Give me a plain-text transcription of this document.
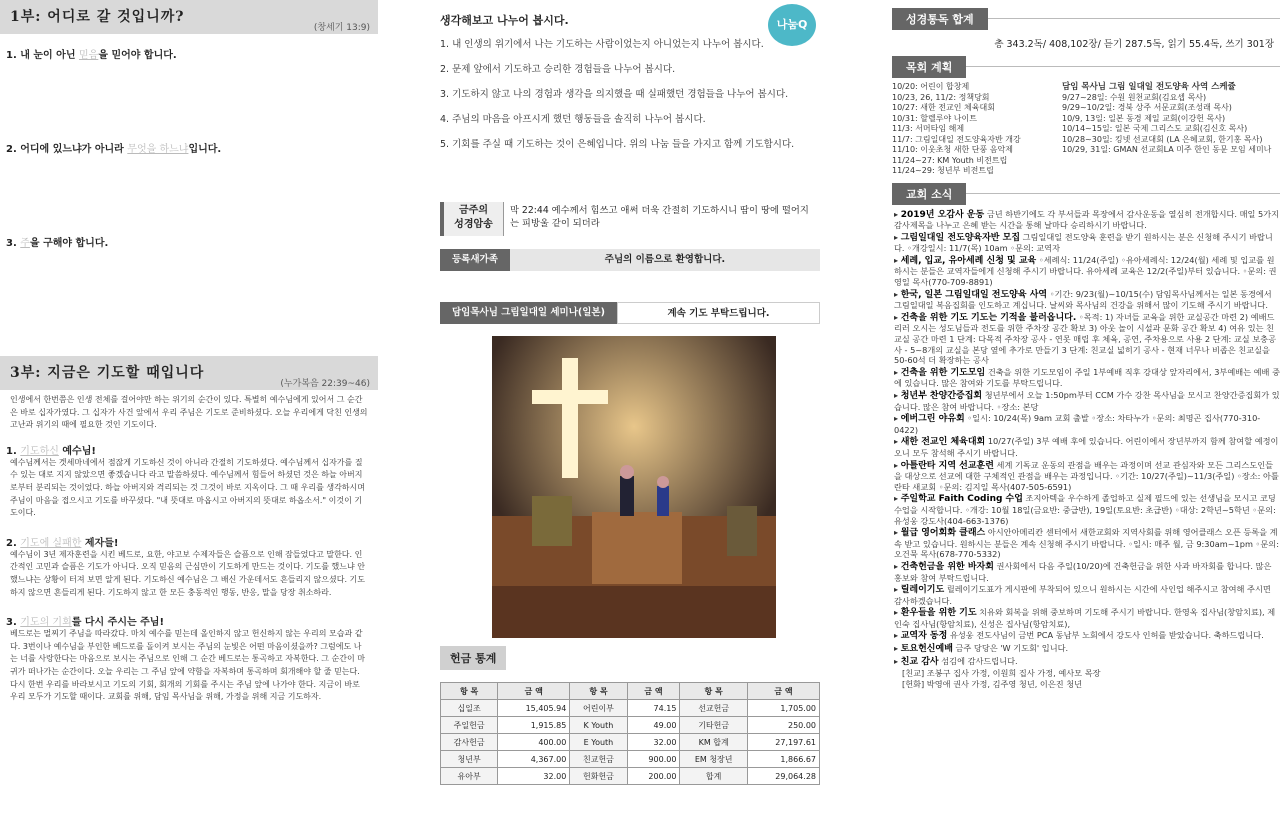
1부: 어디로 갈 것입니까?
(창세기 13:9)
1. 내 눈이 아닌 믿음을 믿어야 합니다.
2. 어디에 있느냐가 아니라 무엇을 하느냐입니다.
3. 주을 구해야 합니다.
3부: 지금은 기도할 때입니다
(누가복음 22:39~46)
인생에서 한번쯤은 인생 전체를 걸어야만 하는 위기의 순간이 있다. 특별히 예수님에게 있어서 그 순간은 바로 십자가였다. 그 십자가 사건 앞에서 우리 주님은 기도로 준비하셨다. 오늘 우리에게 닥친 인생의 고난과 위기의 때에 필요한 것인 기도이다.
1. 기도하신 예수님!
예수님께서는 겟세마네에서 점잖게 기도하신 것이 아니라 간절히 기도하셨다. 예수님께서 십자가를 질 수 있는 대로 지지 않았으면 좋겠습니다 라고 말씀하셨다. 예수님께서 힘들어 하셨던 것은 하늘 아버지로부터 분리되는 것이었다. 하늘 아버지와 격리되는 것 그것이 바로 지옥이다. 그 때 우리를 생각하시며 주님이 마음을 접으시고 기도를 바꾸셨다. "내 뜻대로 마옵시고 아버지의 뜻대로 하옵소서." 이것이 기도이다.
2. 기도에 실패한 제자들!
예수님이 3년 제자훈련을 시킨 베드로, 요한, 야고보 수제자들은 슬픔으로 인해 잠들었다고 말한다. 인간적인 고민과 슬픔은 기도가 아니다. 오직 믿음의 근심만이 기도하게 만드는 것이다. 기도를 했느냐 안 했느냐는 상황이 터져 보면 알게 된다. 기도하신 예수님은 그 배신 가운데서도 흔들리지 않으셨다. 기도하지 않으면 흔들리게 된다. 기도하지 않고 한 모든 충동적인 행동, 반응, 말을 당장 취소하라.
3. 기도의 기회를 다시 주시는 주님!
베드로는 멀찌기 주님을 따라갔다. 마치 예수를 믿는데 올인하지 않고 헌신하지 않는 우리의 모습과 같다. 3번이나 예수님을 부인한 베드로를 돌이켜 보시는 주님의 눈빛은 어떤 마음이셨을까? 그럼에도 나는 너를 사랑한다는 마음으로 보시는 주님으로 인해 그 순간 베드로는 통곡하고 자복한다. 그 순간이 마귀가 떠나가는 순간이다. 오늘 우리는 그 주님 앞에 약함을 자복하며 통곡하며 회개해야 할 줄 믿는다. 다시 한번 우리를 바라보시고 기도의 기회, 회개의 기회를 주시는 주님 앞에 나가야 한다. 지금이 바로 우리 모두가 기도할 때이다. 교회를 위해, 담임 목사님을 위해, 가정을 위해 지금 기도하자.
생각해보고 나누어 봅시다.	나눔Q
1. 내 인생의 위기에서 나는 기도하는 사람이었는지 아니었는지 나누어 봅시다.
2. 문제 앞에서 기도하고 승리한 경험들을 나누어 봅시다.
3. 기도하지 않고 나의 경험과 생각을 의지했을 때 실패했던 경험들을 나누어 봅시다.
4. 주님의 마음을 아프시게 했던 행동들을 솔직히 나누어 봅시다.
5. 기회를 주실 때 기도하는 것이 은혜입니다. 위의 나눔 들을 가지고 함께 기도합시다.
금주의
성경암송
막 22:44 예수께서 힘쓰고 애써 더욱 간절히 기도하시니 땀이 땅에 떨어지는 피방울 같이 되더라
등록새가족	주님의 이름으로 환영합니다.
담임목사님 그림일대일 세미나(일본)	계속 기도 부탁드립니다.
헌금 통계
항 목	금 액	항 목	금 액	항 목	금 액
십일조	15,405.94	어린이부	74.15	선교헌금	1,705.00
주일헌금	1,915.85	K Youth	49.00	기타헌금	250.00
감사헌금	400.00	E Youth	32.00	KM 합계	27,197.61
청년부	4,367.00	친교헌금	900.00	EM 청장년	1,866.67
유아부	32.00	헌화헌금	200.00	합계	29,064.28
성경통독 합계
총 343.2독/ 408,102장/ 듣기 287.5독, 읽기 55.4독, 쓰기 301장
목회 계획
10/20: 어린이 합창제
10/23, 26, 11/2: 정책당회
10/27: 새한 전교인 체육대회
10/31: 할렐루야 나이트
11/3: 서머타임 해제
11/7: 그림일대일 전도양육자반 개강
11/10: 이웃초청 새한 단풍 음악제
11/24~27: KM Youth 비전트립
11/24~29: 청년부 비전트립
담임 목사님 그림 일대일 전도양육 사역 스케쥴
9/27~28일: 수원 원천교회(김요셉 목사)
9/29~10/2일: 경북 상주 서문교회(조성래 목사)
10/9, 13일: 일본 동경 제일 교회(이강헌 목사)
10/14~15일: 일본 국제 그리스도 교회(김신호 목사)
10/28~30일: 킹넷 선교대회 (LA 은혜교회, 한기홍 목사)
10/29, 31일: GMAN 선교회LA 미주 한인 동문 모임 세미나
교회 소식
▸ 2019년 오감사 운동 금년 하반기에도 각 부서들과 목장에서 감사운동을 열심히 전개합시다. 매일 5가지 감사제목을 나누고 은혜 받는 시간을 통해 날마다 승리하시기 바랍니다.
▸ 그림일대일 전도양육자반 모집 그림일대일 전도양육 훈련을 받기 원하시는 분은 신청해 주시기 바랍니다. ◦개강일시: 11/7(목) 10am ◦문의: 교역자
▸ 세례, 입교, 유아세례 신청 및 교육 ◦세례식: 11/24(주일) ◦유아세례식: 12/24(월) 세례 및 입교를 원하시는 분들은 교역자들에게 신청해 주시기 바랍니다. 유아세례 교육은 12/2(주일)부터 있습니다. ◦문의: 권영일 목사(770-709-8891)
▸ 한국, 일본 그림일대일 전도양육 사역 ◦기간: 9/23(월)~10/15(수) 담임목사님께서는 일본 동경에서 그림일대일 복음집회를 인도하고 계십니다. 날씨와 목사님의 건강을 위해서 많이 기도해 주시기 바랍니다.
▸ 건축을 위한 기도 기도는 기적을 불러옵니다. ◦목적: 1) 자녀들 교육을 위한 교실공간 마련 2) 예배드리러 오시는 성도님들과 전도를 위한 주차장 공간 확보 3) 아웃 놀이 시설과 문화 공간 확보 4) 여유 있는 친교실 공간 마련 1 단계: 다목적 주차장 공사 - 연못 매립 후 체육, 공연, 주차용으로 사용 2 단계: 교실 보충공사 - 5~8개의 교실을 본당 옆에 추가로 만들기 3 단계: 친교실 넓히기 공사 - 현재 너무나 비좁은 친교실을 50-60석 더 확장하는 공사
▸ 건축을 위한 기도모임 건축을 위한 기도모임이 주일 1부예배 직후 강대상 앞자리에서, 3부예배는 예배 중에 있습니다. 많은 참여와 기도를 부탁드립니다.
▸ 청년부 찬양간증집회 청년부에서 오늘 1:50pm부터 CCM 가수 강찬 목사님을 모시고 찬양간증집회가 있습니다. 많은 참여 바랍니다. ◦장소: 본당
▸ 에버그린 야유회 ◦일시: 10/24(목) 9am 교회 출발 ◦장소: 차타누가 ◦문의: 최명곤 집사(770-310-0422)
▸ 새한 전교인 체육대회 10/27(주일) 3부 예배 후에 있습니다. 어린이에서 장년부까지 함께 참여할 예정이오니 모두 참석해 주시기 바랍니다.
▸ 아틀란타 지역 선교훈련 세계 기독교 운동의 관점을 배우는 과정이며 선교 관심자와 모든 그리스도인들을 대상으로 선교에 대한 구체적인 관점을 배우는 과정입니다. ◦기간: 10/27(주일)~11/3(주일) ◦장소: 아틀란타 새교회 ◦문의: 김지일 목사(407-505-6591)
▸ 주일학교 Faith Coding 수업 조지아텍을 우수하게 졸업하고 실제 필드에 있는 선생님을 모시고 코딩 수업을 시작합니다. ◦개강: 10월 18일(금요반: 중급반), 19일(토요반: 초급반) ◦대상: 2학년~5학년 ◦문의: 유성웅 강도사(404-663-1376)
▸ 월급 영어회화 클래스 아시안아메리칸 센터에서 새한교회와 지역사회를 위해 영어클래스 오픈 등록을 계속 받고 있습니다. 원하시는 분들은 계속 신청해 주시기 바랍니다. ◦일시: 매주 월, 금 9:30am~1pm ◦문의: 오건묵 목사(678-770-5332)
▸ 건축헌금을 위한 바자회 권사회에서 다음 주일(10/20)에 건축헌금을 위한 사과 바자회를 합니다. 많은 홍보와 참여 부탁드립니다.
▸ 릴레이기도 릴레이기도표가 게시판에 부착되어 있으니 원하시는 시간에 사인업 해주시고 참여해 주시면 감사하겠습니다.
▸ 환우들을 위한 기도 치유와 회복을 위해 중보하며 기도해 주시기 바랍니다. 한영옥 집사님(창암치료), 제인숙 집사님(항암치료), 신성은 집사님(항암치료),
▸ 교역자 동정 유성웅 전도사님이 금번 PCA 동남부 노회에서 강도사 인허를 받았습니다. 축하드립니다.
▸ 토요헌신예배 금주 당당은 'W 기도회' 입니다.
▸ 친교 감사 섬김에 감사드립니다.
[친교] 조봉구 집사 가정, 이원희 집사 가정, 예사모 목장
[헌화] 박영애 권사 가정, 김주영 청년, 이은진 청년
